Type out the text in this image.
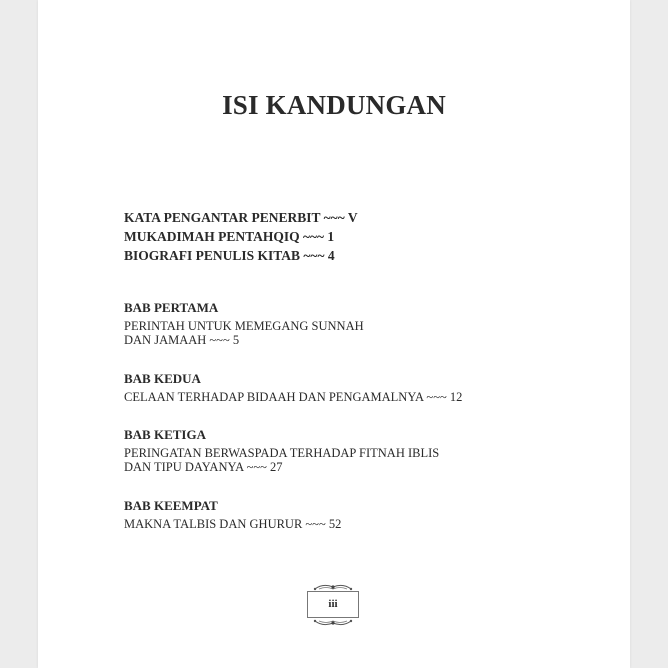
ISI KANDUNGAN
KATA PENGANTAR PENERBIT ~~~ V
MUKADIMAH PENTAHQIQ ~~~ 1
BIOGRAFI PENULIS KITAB ~~~ 4
BAB PERTAMA
PERINTAH UNTUK MEMEGANG SUNNAH
DAN JAMAAH ~~~ 5
BAB KEDUA
CELAAN TERHADAP BIDAAH DAN PENGAMALNYA ~~~ 12
BAB KETIGA
PERINGATAN BERWASPADA TERHADAP FITNAH IBLIS
DAN TIPU DAYANYA ~~~ 27
BAB KEEMPAT
MAKNA TALBIS DAN GHURUR ~~~ 52
iii
